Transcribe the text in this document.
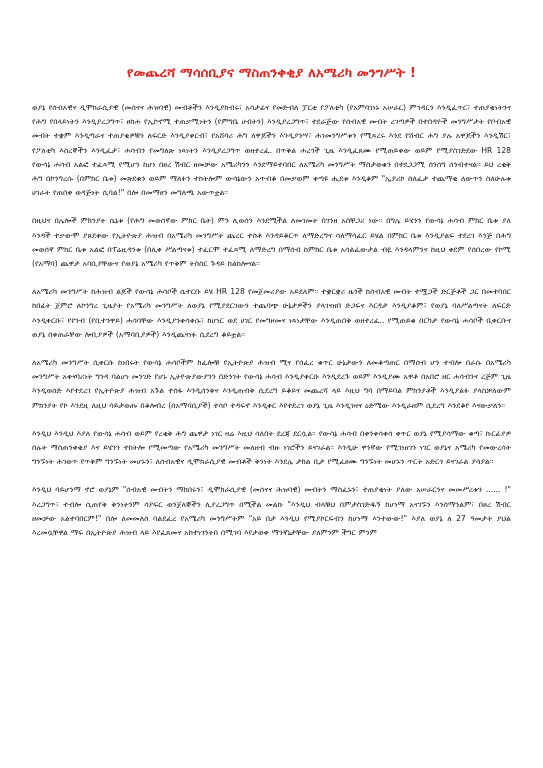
የመጨረሻ ማሳሰቢያና ማስጠንቀቂያ ለአሜሪካ መንግሥት !

ወያኔ የሰብአዊና ዲሞክራሲያዊ (መሰናና ሕዝባዊ) መብቶችን እንዲያከብሩ፣ አሳታፊና የመድብለ ፓርቲ የፖለቲካ (የአምባገነኑ አሠራር) ምኅዳርን እንዲፈጥር፣ ተጠያቂነትንና የሕግ የበላይነትን እንዲያረጋግጥ፣ ፀከሐ የኢኮኖሚ ተጠቃሚነትን (የምግቤ ሀብትን) እንዲያረጋግጥ፣ ተደራጅው የሰብአዊ መብት ረገጣዎች በተበዳዮች መንግሥታት የቦብአዊ መብት ተቋም እንዲጣራና ተጠያቂዎቹን ለፍርድ እንዲያቀርብ፣ የአሸባሪ ሕግ ለዋጆችን እንዲያንሣ፣ ሕገመንግሥቱን የሚጻረሩ እንደ የሸብር ሕግ ያሉ አዋጆችን እንዲሽር፣ የፖለቲካ እስረኞችን እንዲፈታ፣ ሐሳብን የመግለጽ ነጻነትን እንዲያረጋግጥ ወዘተረፈ. በጥቅል ሐረጎች ጊዜ እንዲፈጸሙ የሚጠይቀው ወይም የሚያስገድደው HR 128 የውሳኔ ሐሳብ አልፎ ተፈጻሚ የሚሆን ከሆነ በፀረ ሽብር ዘመቻው አሜሪካንን እንደማይተባበር ለአሜሪካ መንግሥት ማስታወቁን በተደጋጋሚ ሰንሰግ ሰንብተናል፡፡ ይህ ረቂቅ ሕግ በኮንግረሱ (በምክር ቤቱ) መጽደቁን ወይም ማለፉን ተከትሎም ውሳኔውን አጥብቆ በመቃወም ቀጣዩ ሒደቱ እንዲቆም "ኢያሪኮ ስለፈታ ተጨማቂ ለውጥን ስለሁሉቱ ሀገራት የጠበቀ ወዳጅነት ሲባል!" በሎ በመማፀን መግለጫ አውጥቷል፡፡

በዚህና በሌሎች ምክንያት ሴኔቱ (የሕግ መወሰኛው ምክር ቤት) ምን ሊወሰን እንደሚችል ለመገመት በገንዘ አስቸጋሪ ነው፡፡ በግሌ ይሄንን የውሳኔ ሐሳብ ምክር ቤቱ ያለ እንዳች ተቃውሞ ያጸደቀው የኢትዮጵያ ሕዝብ በአሜሪካ መንግሥት ጨረር ተሰቶ እንዳይቆርጥ ለማድረግና ሳለማሳፈር ይሄል በምክር ቤቱ እንዲያልፍ ተደረገ እንጅ በሕግ መወሰኛ ምክር ቤቱ አልፎ በፐሬዚዳንቱ (በሊቀ ሥልጣናቱ) ተፈርሞ ተፈጻሚ ለማድረግ በማሰብ ከምክር ቤቱ አሳልፈውታል ብዬ እንዳላምንና ከዚህ ቀደም የሰበረው የኮሚ (የአማባ) ጨዋታ አባቢያቸውና የወያኔ አሜሪካ የጥቅም ትስስር ጉዳይ ከልከሎናል፡፡

ለአሜሪካ መንግሥት ከሕዝብ ልጆች የውሳኔ ሐሳቦች ሴተርቡ ይሄ HR 128 የመጀመሪያው አይደለም፡፡ ተቋርቋሪ ዜጎች ከሰብአዊ መብት ተሟጋች ድርጅቶች ጋር በመተባበር ከበፊት ጀምሮ ለኮንግረ ጊዜያት የአሜሪካ መንግሥት ለወያኔ የሚያደርገውን ተጨባጭ ሁኔታዎችን ያላገናዘበ ድጋፍና እርዳታ እንዲያቆም፣ የወያኔ ባለሥልጣናት ለፍርድ እንዲቀርቡ፣ የየንብ (የቢተንዋይ) ሐሳባቸው እንዲያንቀሳቀሱ፣ ከሆነር ወደ ሀገር የመግዞመና ነጻነታቸው እንዲጠበቅ ወዘተረፈ.. የሚጠይቁ በርካታ የውሳኔ ሐሳቦች ቢቀርቡና ወያኔ በቀጠራቸው ሎቢያዎች (አማባቢያዎች) እንዲጨናነፉ ሲደረግ ቆይቷል፡፡

ለአሜሪካ መንግሥት ሲቀርቡ ከነበሩት የውሳኔ ሐሳቦችም ከፈሎቹ የኢትዮጵያ ሕዝብ ሚና የሰፈረ ቁጥር ሁኔታውን ለመቆጣጠር በማሰብ ሆን ተብሎ በራሱ በአሜሪካ መንግሥት አቀናባሪነት ግንዳ ባልሆነ መንገድ የሆኑ ኢትዮጵያውያንን በድንገት የውሳኔ ሐሳብ እንዲያቀርቡ እንዲደረጉ ወይም እንዲያሙ አዋቶ በአበሮ ዘር ሐሳብንና ረጅም ጊዜ እንዲወሰድ እየተደረገ የኢትዮጵያ ሕዝብ አጉል ተስፋ እንዲሰንቅና እንዲጠብቅ ሲደረግ ይቆይና መጨረሻ ላይ እዚህ ግባ በማይባል ምክንያቶች እንዲያልፉ ያላስቻለውም ምክንያት የኮ እንደዚ ለዚህ ሳይታወጡ በቆሎበረ (በአማባቢያች) ተሳቦ ተዳፍኖ እንዲቀር እየተደረገ ወያኔ ጊዜ እንዲገዛና ዕድሜው እንዲራዘም ሲደረግ እንደቆየ እናውቃለን፡፡

እንዲህ እንዲህ እያለ የውሳኔ ሐሳብ ወይም የረቂቅ ሕግ ጨዋታ ነገር ዛሬ እዚህ ሳለበት ደረጃ ደርሷል፡፡ የውሳኔ ሐሳብ በቀንቀሳቀሳ ቀጥር ወያኔ የሚያሳማው ቁጣ፣ ኩርፊያዎ በሉት ማስጠንቀቂያ እና ይሄንን ተከትሎ የሚመጣው የአሜሪካ መንግሥት መለዘብ ብዙ ነገሮችን ይናገራል፡፡ እንዲሁ ዋንኛው የሚገነዘገን ነገር ወያኔና አሜሪካ የመውረሳት ግንኙነት ሕገወጥ የጥቅም ግንኙነት መሆኑን፣ ለሰብአዊና ዲሞክራሲያዊ መብቶች ቅንነት እንደሌ ታክል ቢታ የሚፈፀሙ ግንኙነት መሆኑን ጥርት አድርጎ ይናገራል ያሳያል፡፡

እንዲህ ባይሆንማ ኖሮ ወያኔም "ሰብአዊ መብትን ማክበሩን፣ ዲሞክራሲያዊ (መሰናና ሕዝባዊ) መብትን ማስፈኑን፣ ተጠያቂነት ያለው አሠራርንና መመሥረቱን ...... !" እረጋግጥ፣ ተብሎ ሲጠየቅ ቅንነትንም ሳያፍር ወንጀለኞችን ሊያረጋግጥ በሚችል መልኩ "እንዲህ ብላቹህ በምታስገድዱኝ ከሆነማ አናገኙን እንስማንልም፣ በፀረ ሽብር ዘመቻው አልተባበርም!" በሎ ለመመለስ ባልደፈረ የአሜሪካ መንግሥትም "አይ በታ እንዲህ የሚያኮርፍብን ከሆነማ እንተውው!" እያለ ወያኔ ለ 27 ዓመታት ያህል እረመሷቸዋል ማፍ በኢትዮጵያ ሕዝብ ላይ እየፈጸመና አከተነገንትበ በሚገባ እየታወቀ ማንኛኒታቸው ያለምንም ችግር ምንም
